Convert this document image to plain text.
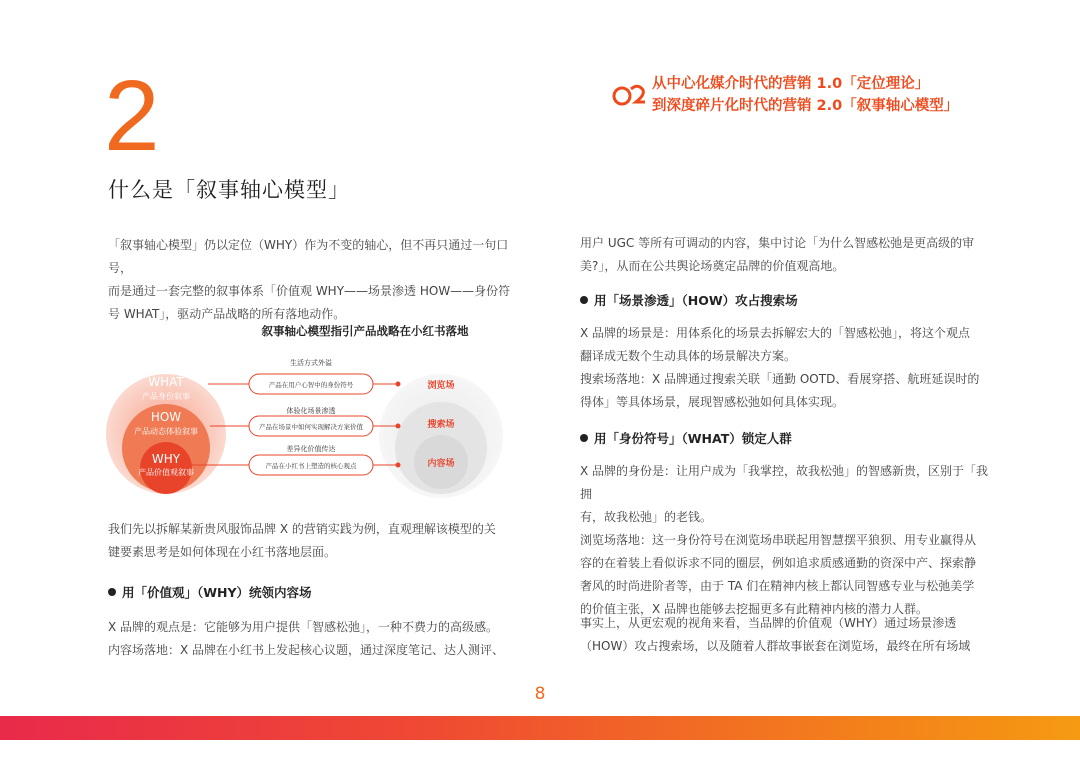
2
什么是「叙事轴心模型」
从中心化媒介时代的营销 1.0「定位理论」
到深度碎片化时代的营销 2.0「叙事轴心模型」

「叙事轴心模型」仍以定位（WHY）作为不变的轴心，但不再只通过一句口号，

而是通过一套完整的叙事体系「价值观 WHY——场景渗透 HOW——身份符

号 WHAT」，驱动产品战略的所有落地动作。

叙事轴心模型指引产品战略在小红书落地
WHAT
产品身份叙事
HOW
产品动态体验叙事
WHY
产品价值观叙事
生活方式外溢
产品在用户心智中的身份符号	浏览场
体验化场景渗透
产品在场景中如何实现解决方案价值	搜索场
差异化价值传达
产品在小红书上塑造的核心观点	内容场

我们先以拆解某新贵风服饰品牌 X 的营销实践为例，直观理解该模型的关

键要素思考是如何体现在小红书落地层面。

用「价值观」（WHY）统领内容场

X 品牌的观点是：它能够为用户提供「智感松弛」，一种不费力的高级感。

内容场落地：X 品牌在小红书上发起核心议题，通过深度笔记、达人测评、

用户 UGC 等所有可调动的内容，集中讨论「为什么智感松弛是更高级的审

美?」，从而在公共舆论场奠定品牌的价值观高地。

用「场景渗透」（HOW）攻占搜索场

X 品牌的场景是：用体系化的场景去拆解宏大的「智感松弛」，将这个观点

翻译成无数个生动具体的场景解决方案。

搜索场落地：X 品牌通过搜索关联「通勤 OOTD、看展穿搭、航班延误时的

得体」等具体场景，展现智感松弛如何具体实现。

用「身份符号」（WHAT）锁定人群

X 品牌的身份是：让用户成为「我掌控，故我松弛」的智感新贵，区别于「我拥

有，故我松弛」的老钱。

浏览场落地：这一身份符号在浏览场串联起用智慧摆平狼狈、用专业赢得从

容的在着装上看似诉求不同的圈层，例如追求质感通勤的资深中产、探索静

奢风的时尚进阶者等，由于 TA 们在精神内核上都认同智感专业与松弛美学

的价值主张，X 品牌也能够去挖掘更多有此精神内核的潜力人群。

事实上，从更宏观的视角来看，当品牌的价值观（WHY）通过场景渗透

（HOW）攻占搜索场，以及随着人群故事嵌套在浏览场，最终在所有场域

8
